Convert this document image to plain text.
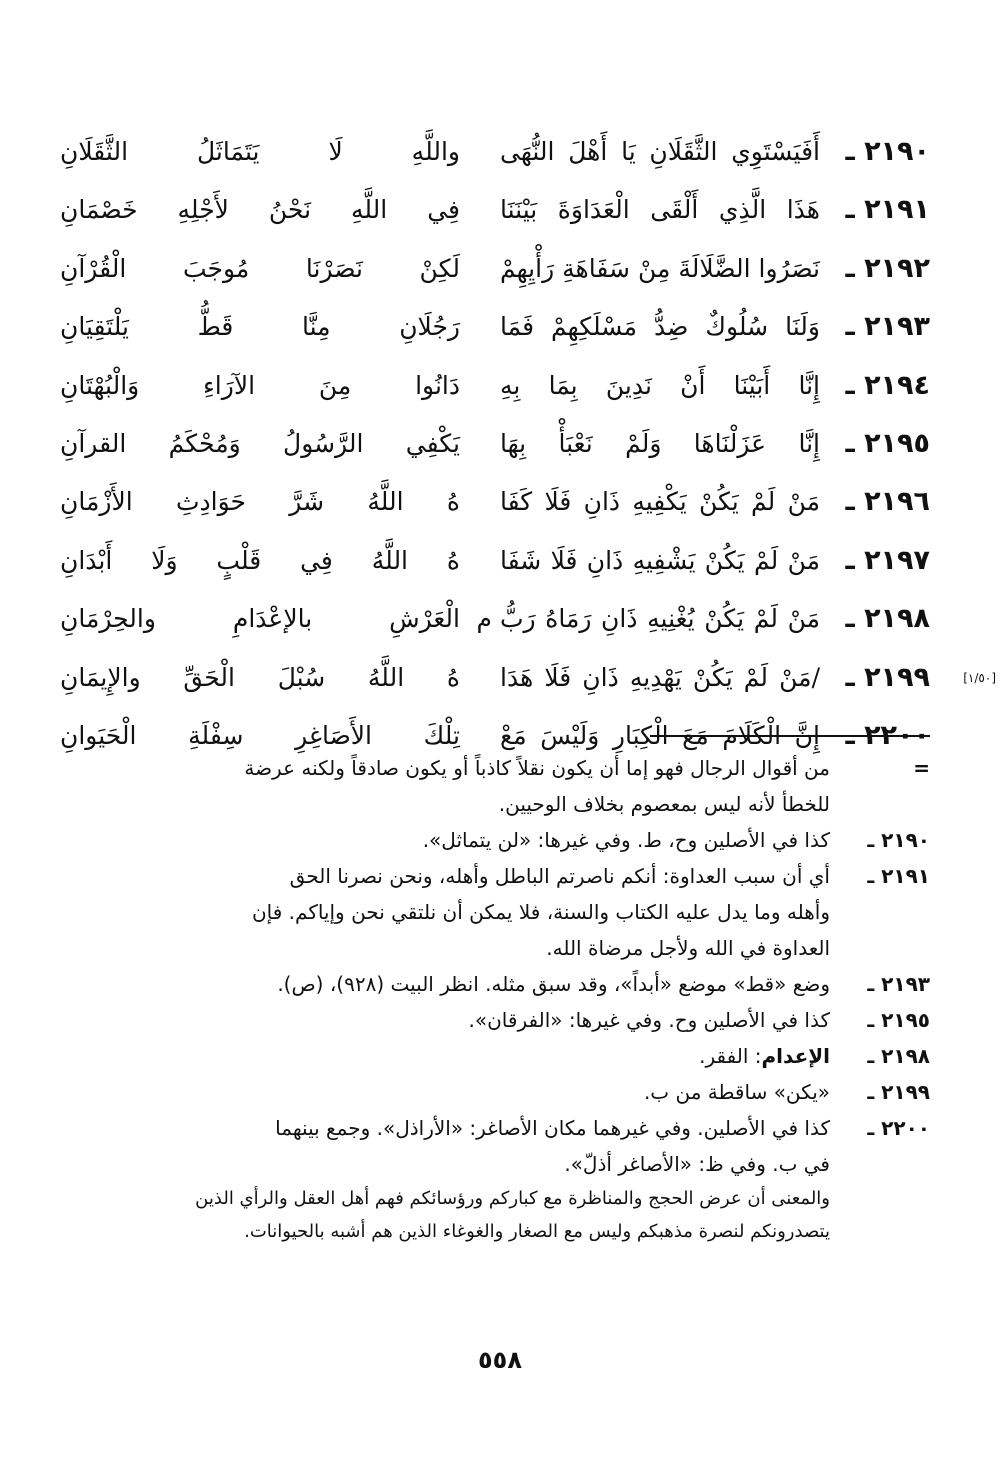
٢١٩٠ ـ
أَفَيَسْتَوِي الثَّقَلَانِ يَا أَهْلَ النُّهَى
واللَّهِ لَا يَتَمَاثَلُ الثَّقَلَانِ
٢١٩١ ـ
هَذَا الَّذِي أَلْقَى الْعَدَاوَةَ بَيْنَنَا
فِي اللَّهِ نَحْنُ لأَجْلِهِ خَصْمَانِ
٢١٩٢ ـ
نَصَرُوا الضَّلَالَةَ مِنْ سَفَاهَةِ رَأْيِهِمْ
لَكِنْ نَصَرْنَا مُوجَبَ الْقُرْآنِ
٢١٩٣ ـ
وَلَنَا سُلُوكٌ ضِدُّ مَسْلَكِهِمْ فَمَا
رَجُلَانِ مِنَّا قَطُّ يَلْتَقِيَانِ
٢١٩٤ ـ
إِنَّا أَبَيْنَا أَنْ نَدِينَ بِمَا بِهِ
دَانُوا مِنَ الآرَاءِ وَالْبُهْتَانِ
٢١٩٥ ـ
إِنَّا عَزَلْنَاهَا وَلَمْ نَعْبَأْ بِهَا
يَكْفِي الرَّسُولُ وَمُحْكَمُ القرآنِ
٢١٩٦ ـ
مَنْ لَمْ يَكُنْ يَكْفِيهِ ذَانِ فَلَا كَفَا
هُ اللَّهُ شَرَّ حَوَادِثِ الأَزْمَانِ
٢١٩٧ ـ
مَنْ لَمْ يَكُنْ يَشْفِيهِ ذَانِ فَلَا شَفَا
هُ اللَّهُ فِي قَلْبٍ وَلَا أَبْدَانِ
٢١٩٨ ـ
مَنْ لَمْ يَكُنْ يُغْنِيهِ ذَانِ رَمَاهُ رَبُّ
م
الْعَرْشِ بالإعْدَامِ والحِرْمَانِ
[١/٥٠]
٢١٩٩ ـ
/مَنْ لَمْ يَكُنْ يَهْدِيهِ ذَانِ فَلَا هَدَا
هُ اللَّهُ سُبْلَ الْحَقِّ والإِيمَانِ
٢٢٠٠ ـ
إِنَّ الْكَلَامَ مَعَ الْكِبَارِ وَلَيْسَ مَعْ
تِلْكَ الأَصَاغِرِ سِفْلَةِ الْحَيَوانِ
=
من أقوال الرجال فهو إما أن يكون نقلاً كاذباً أو يكون صادقاً ولكنه عرضة
للخطأ لأنه ليس بمعصوم بخلاف الوحيين.
٢١٩٠ ـ
كذا في الأصلين وح، ط. وفي غيرها: «لن يتماثل».
٢١٩١ ـ
أي أن سبب العداوة: أنكم ناصرتم الباطل وأهله، ونحن نصرنا الحق
وأهله وما يدل عليه الكتاب والسنة، فلا يمكن أن نلتقي نحن وإياكم. فإن
العداوة في الله ولأجل مرضاة الله.
٢١٩٣ ـ
وضع «قط» موضع «أبداً»، وقد سبق مثله. انظر البيت (٩٢٨)، (ص).
٢١٩٥ ـ
كذا في الأصلين وح. وفي غيرها: «الفرقان».
٢١٩٨ ـ
الإعدام: الفقر.
٢١٩٩ ـ
«يكن» ساقطة من ب.
٢٢٠٠ ـ
كذا في الأصلين. وفي غيرهما مكان الأصاغر: «الأراذل». وجمع بينهما
في ب. وفي ظ: «الأصاغر أذلّ».
والمعنى أن عرض الحجج والمناظرة مع كباركم ورؤسائكم فهم أهل العقل والرأي الذين
يتصدرونكم لنصرة مذهبكم وليس مع الصغار والغوغاء الذين هم أشبه بالحيوانات.
٥٥٨
